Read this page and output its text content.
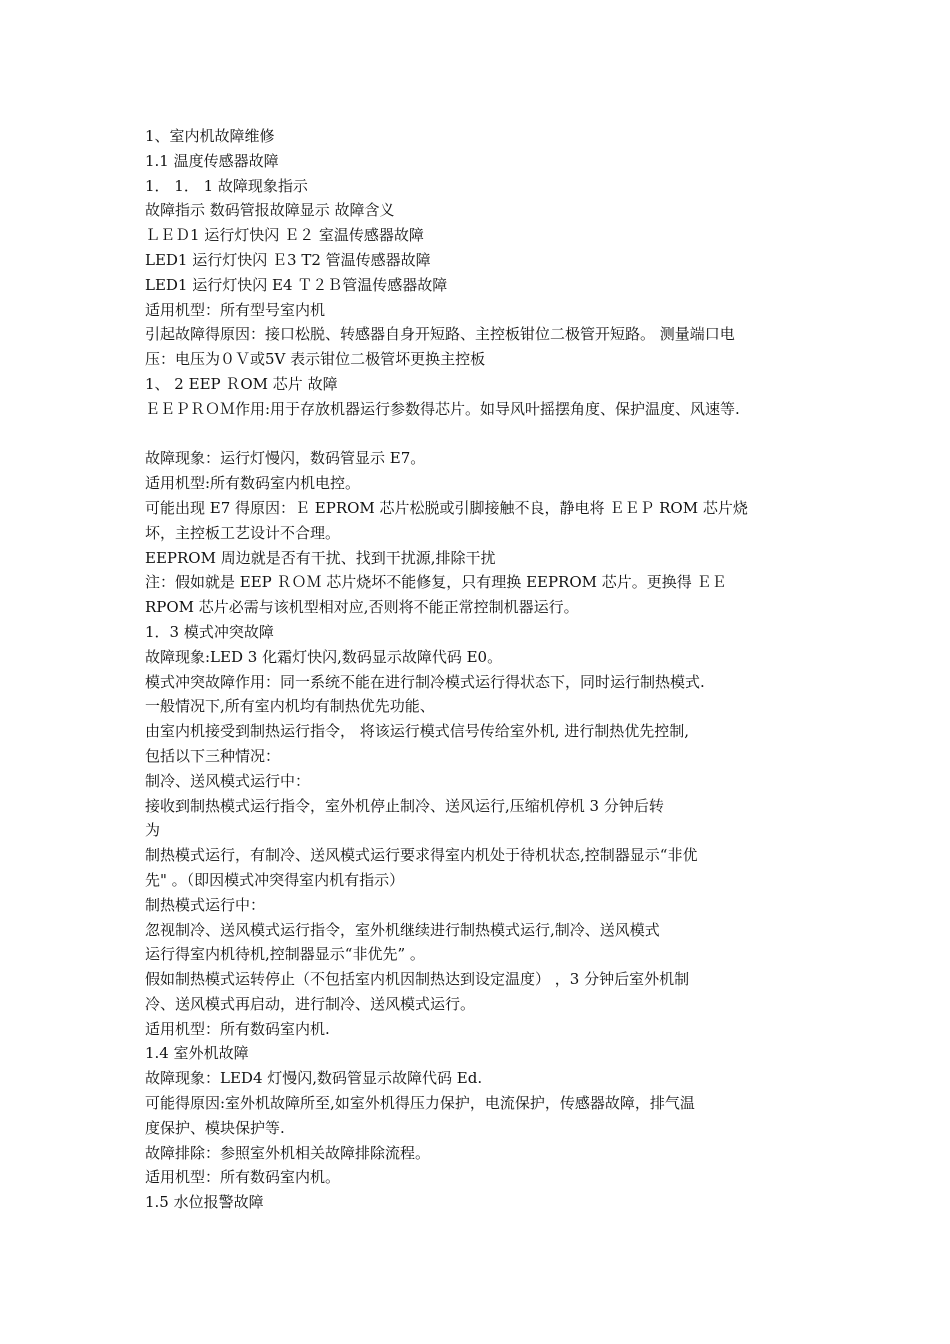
1、室内机故障维修
1.1 温度传感器故障
1． 1． 1 故障现象指示
故障指示 数码管报故障显示 故障含义
ＬＥＤ1 运行灯快闪 Ｅ２ 室温传感器故障
LED1 运行灯快闪 Ｅ3 T2 管温传感器故障
LED1 运行灯快闪 E4 Ｔ２Ｂ管温传感器故障
适用机型：所有型号室内机
引起故障得原因：接口松脱、转感器自身开短路、主控板钳位二极管开短路。 测量端口电
压：电压为０Ｖ或5V 表示钳位二极管坏更换主控板
1、 2 EEP ＲOM 芯片 故障
ＥＥＰＲＯＭ作用:用于存放机器运行参数得芯片。如导风叶摇摆角度、保护温度、风速等.
故障现象：运行灯慢闪，数码管显示 E7。
适用机型:所有数码室内机电控。
可能出现 E7 得原因：Ｅ EPROM 芯片松脱或引脚接触不良，静电将 ＥＥＰ ROM 芯片烧
坏，主控板工艺设计不合理。
EEPROM 周边就是否有干扰、找到干扰源,排除干扰
注：假如就是 EEP ＲＯＭ 芯片烧坏不能修复，只有理换 EEPROM 芯片。更换得 ＥＥ
RPOM 芯片必需与该机型相对应,否则将不能正常控制机器运行。
1．3 模式冲突故障
故障现象:LED 3 化霜灯快闪,数码显示故障代码 E0。
模式冲突故障作用：同一系统不能在进行制冷模式运行得状态下，同时运行制热模式.
一般情况下,所有室内机均有制热优先功能、
由室内机接受到制热运行指令， 将该运行模式信号传给室外机, 进行制热优先控制,
包括以下三种情况：
制冷、送风模式运行中：
接收到制热模式运行指令，室外机停止制冷、送风运行,压缩机停机 3 分钟后转
为
制热模式运行，有制冷、送风模式运行要求得室内机处于待机状态,控制器显示“非优
先" 。（即因模式冲突得室内机有指示）
制热模式运行中：
忽视制冷、送风模式运行指令，室外机继续进行制热模式运行,制冷、送风模式
运行得室内机待机,控制器显示“非优先” 。
假如制热模式运转停止（不包括室内机因制热达到设定温度） ，3 分钟后室外机制
冷、送风模式再启动，进行制冷、送风模式运行。
适用机型：所有数码室内机.
1.4 室外机故障
故障现象：LED4 灯慢闪,数码管显示故障代码 Ed.
可能得原因:室外机故障所至,如室外机得压力保护，电流保护，传感器故障，排气温
度保护、模块保护等.
故障排除：参照室外机相关故障排除流程。
适用机型：所有数码室内机。
1.5 水位报警故障
